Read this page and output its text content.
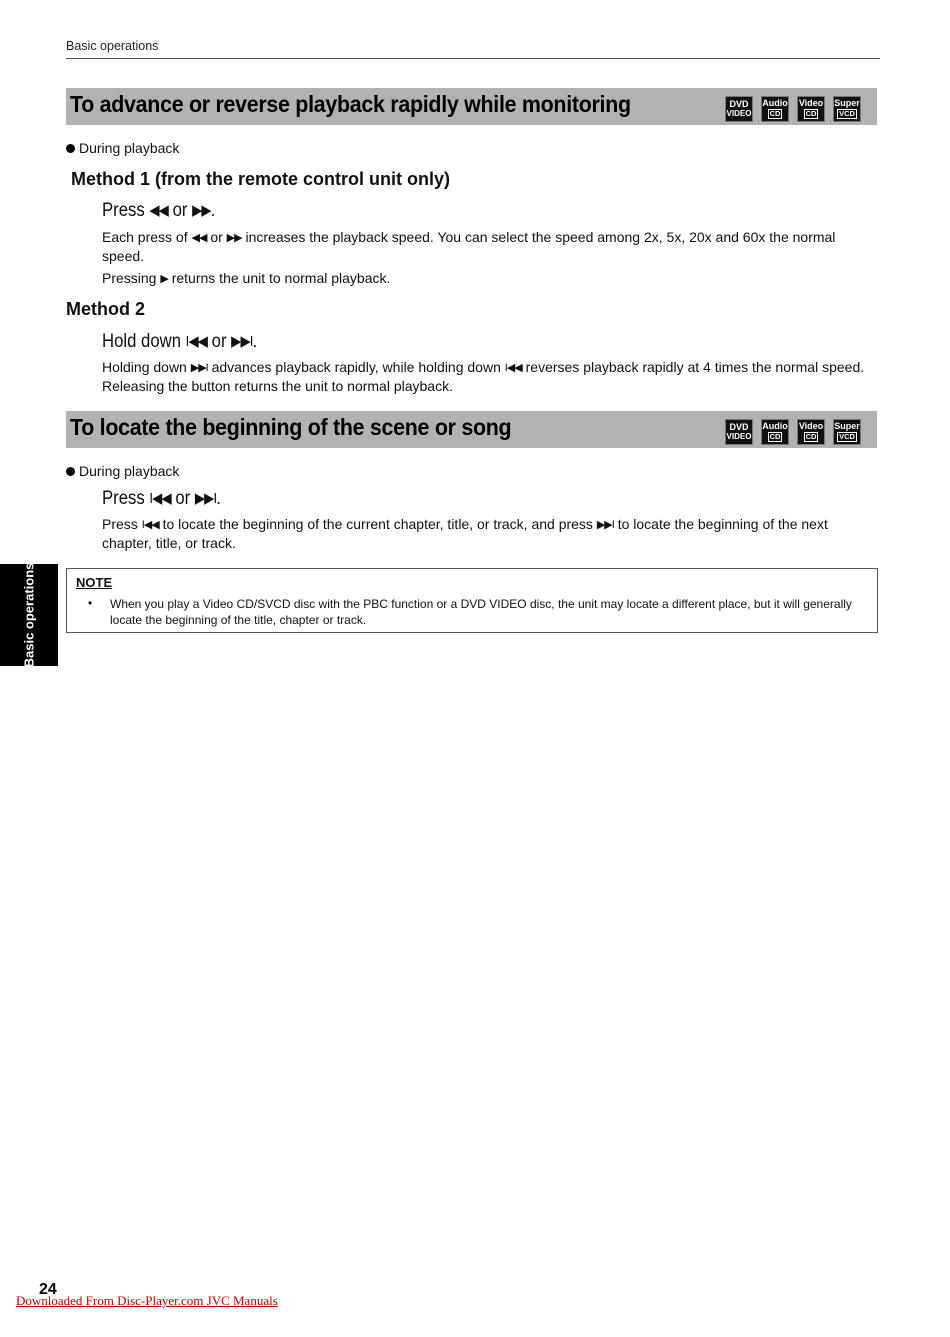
Basic operations
To advance or reverse playback rapidly while monitoring	DVD
VIDEO
Audio
CD
Video
CD
Super
VCD
During playback
Method 1 (from the remote control unit only)
Press ◀◀ or ▶▶.
Each press of ◀◀ or ▶▶ increases the playback speed. You can select the speed among 2x, 5x, 20x and 60x the normal speed.
Pressing ▶ returns the unit to normal playback.
Method 2
Hold down I◀◀ or ▶▶I.
Holding down ▶▶I advances playback rapidly, while holding down I◀◀ reverses playback rapidly at 4 times the normal speed. Releasing the button returns the unit to normal playback.
To locate the beginning of the scene or song	DVD
VIDEO
Audio
CD
Video
CD
Super
VCD
During playback
Press I◀◀ or ▶▶I.
Press I◀◀ to locate the beginning of the current chapter, title, or track, and press ▶▶I to locate the beginning of the next chapter, title, or track.
Basic operations	NOTE
• When you play a Video CD/SVCD disc with the PBC function or a DVD VIDEO disc, the unit may locate a different place, but it will generally locate the beginning of the title, chapter or track.
24
Downloaded From Disc-Player.com JVC Manuals
